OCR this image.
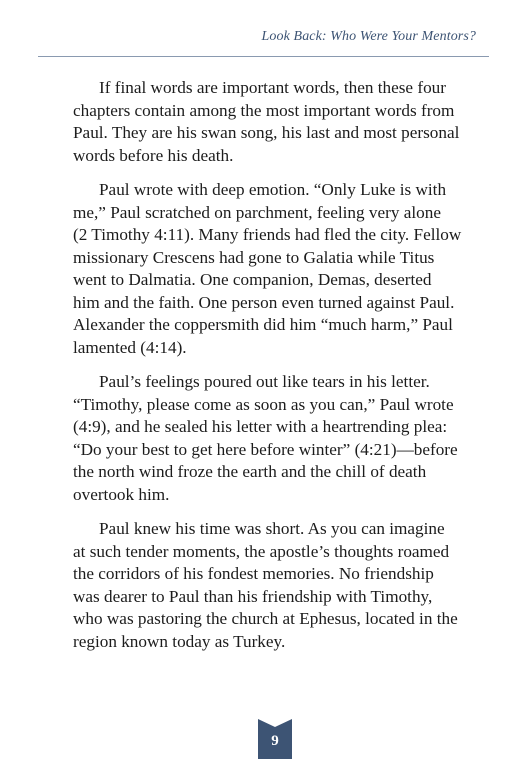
Look Back: Who Were Your Mentors?

If final words are important words, then these four
chapters contain among the most important words from
Paul. They are his swan song, his last and most personal
words before his death.

Paul wrote with deep emotion. “Only Luke is with
me,” Paul scratched on parchment, feeling very alone
(2 Timothy 4:11). Many friends had fled the city. Fellow
missionary Crescens had gone to Galatia while Titus
went to Dalmatia. One companion, Demas, deserted
him and the faith. One person even turned against Paul.
Alexander the coppersmith did him “much harm,” Paul
lamented (4:14).

Paul’s feelings poured out like tears in his letter.
“Timothy, please come as soon as you can,” Paul wrote
(4:9), and he sealed his letter with a heartrending plea:
“Do your best to get here before winter” (4:21)—before
the north wind froze the earth and the chill of death
overtook him.

Paul knew his time was short. As you can imagine
at such tender moments, the apostle’s thoughts roamed
the corridors of his fondest memories. No friendship
was dearer to Paul than his friendship with Timothy,
who was pastoring the church at Ephesus, located in the
region known today as Turkey.

9
